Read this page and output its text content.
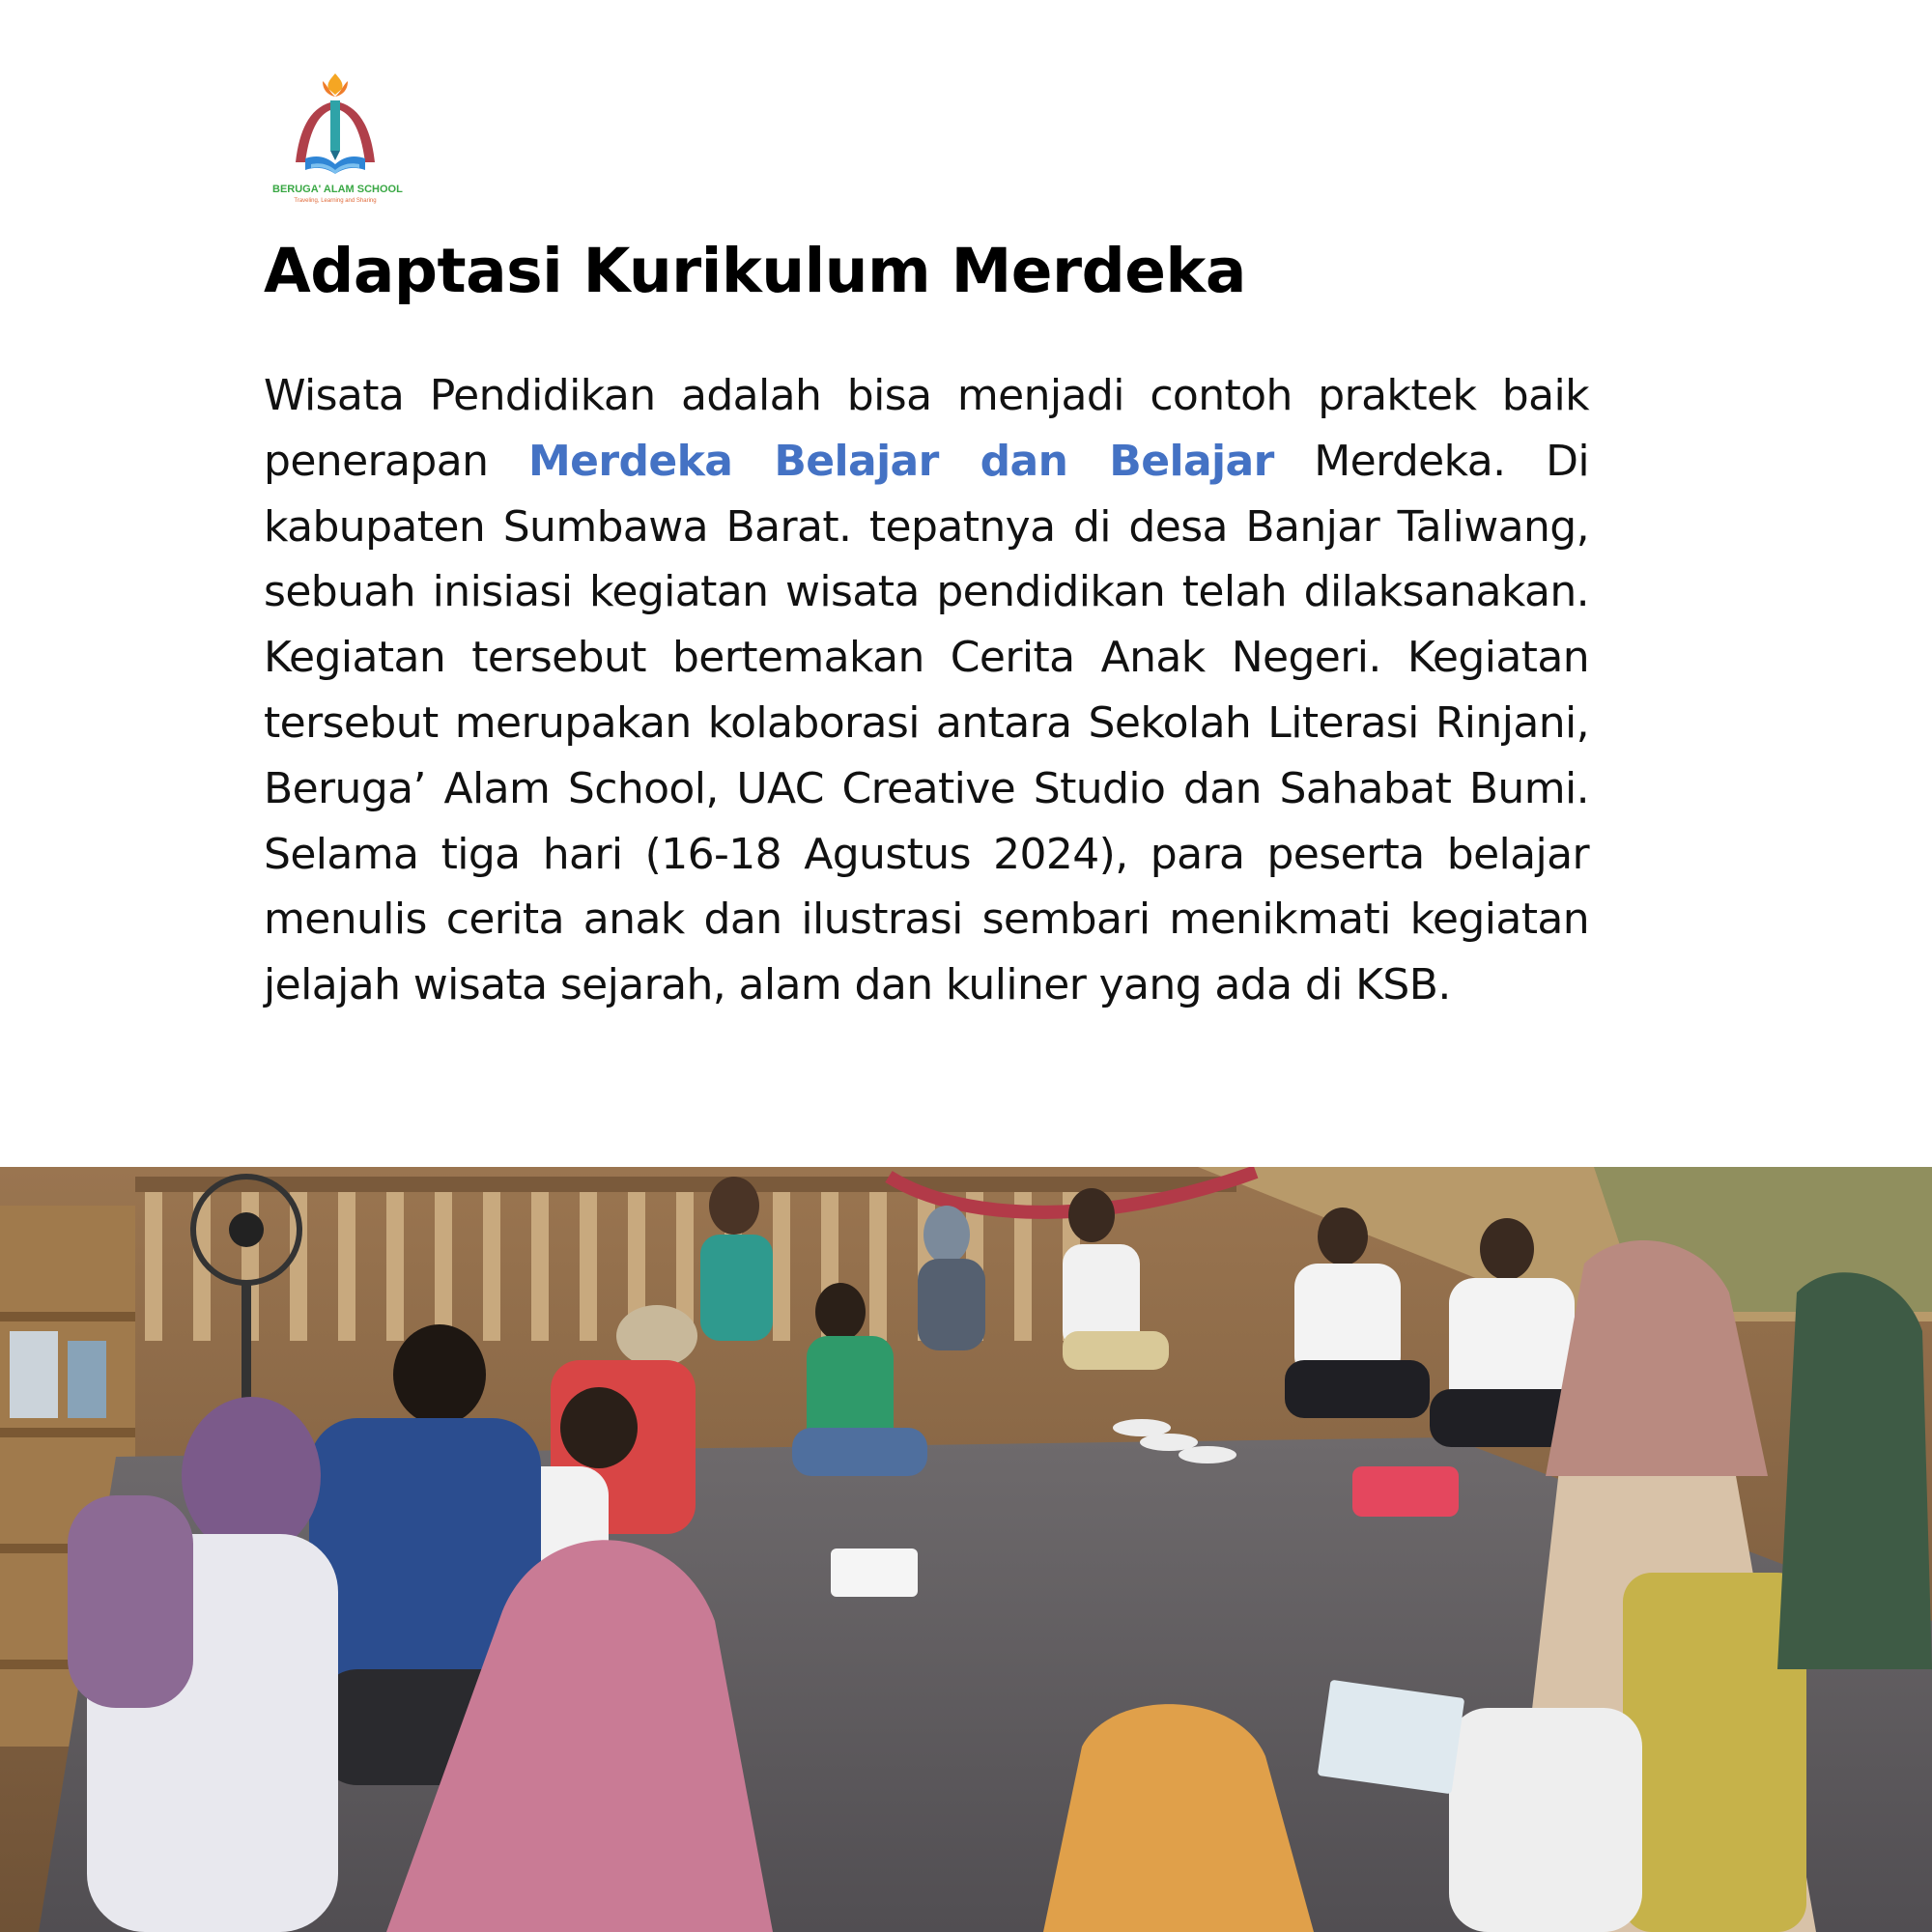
BERUGA' ALAM SCHOOL
Traveling, Learning and Sharing
Adaptasi Kurikulum Merdeka

Wisata Pendidikan adalah bisa menjadi contoh praktek baik penerapan Merdeka Belajar dan Belajar Merdeka. Di kabupaten Sumbawa Barat. tepatnya di desa Banjar Taliwang, sebuah inisiasi kegiatan wisata pendidikan telah dilaksanakan. Kegiatan tersebut bertemakan Cerita Anak Negeri. Kegiatan tersebut merupakan kolaborasi antara Sekolah Literasi Rinjani, Beruga’ Alam School, UAC Creative Studio dan Sahabat Bumi. Selama tiga hari (16-18 Agustus 2024), para peserta belajar menulis cerita anak dan ilustrasi sembari menikmati kegiatan jelajah wisata sejarah, alam dan kuliner yang ada di KSB.
